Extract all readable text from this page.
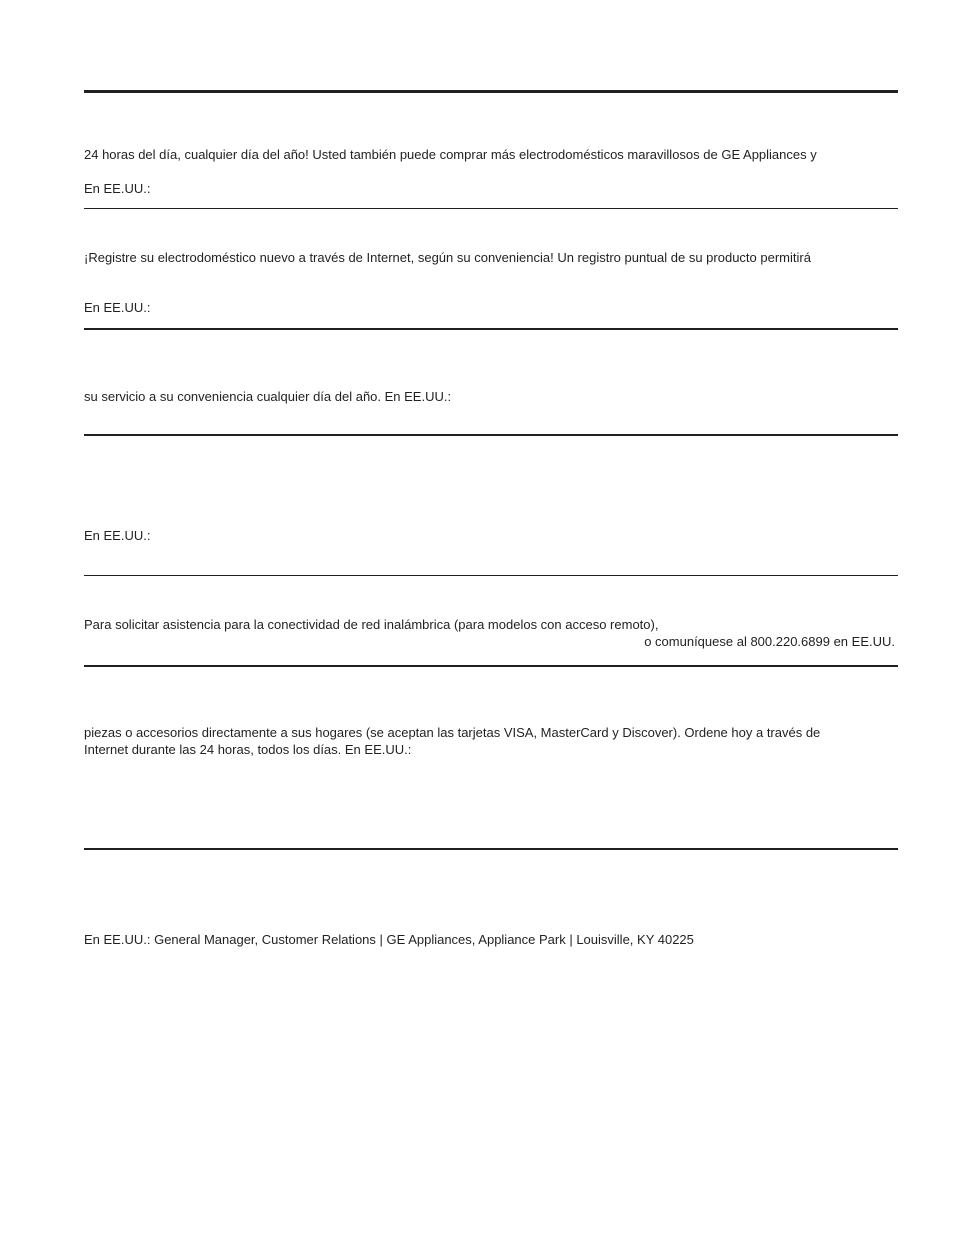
24 horas del día, cualquier día del año! Usted también puede comprar más electrodomésticos maravillosos de GE Appliances y

En EE.UU.:

¡Registre su electrodoméstico nuevo a través de Internet, según su conveniencia! Un registro puntual de su producto permitirá

En EE.UU.:

su servicio a su conveniencia cualquier día del año. En EE.UU.:

En EE.UU.:

Para solicitar asistencia para la conectividad de red inalámbrica (para modelos con acceso remoto),

o comuníquese al 800.220.6899 en EE.UU.

piezas o accesorios directamente a sus hogares (se aceptan las tarjetas VISA, MasterCard y Discover). Ordene hoy a través de

Internet durante las 24 horas, todos los días. En EE.UU.:

En EE.UU.: General Manager, Customer Relations | GE Appliances, Appliance Park | Louisville, KY 40225
